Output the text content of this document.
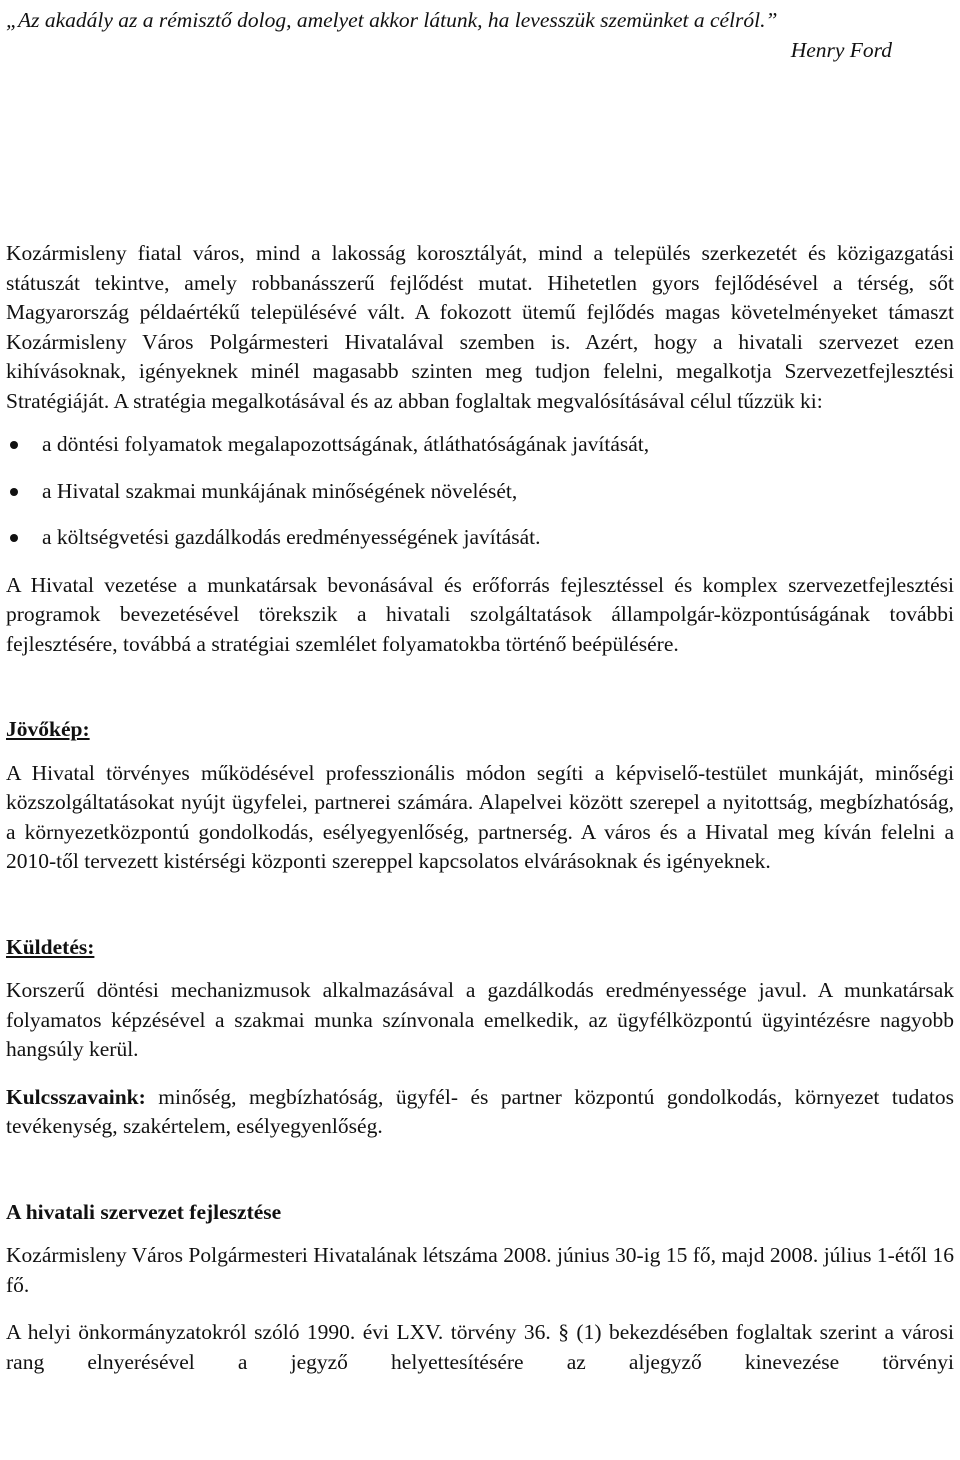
„Az akadály az a rémisztő dolog, amelyet akkor látunk, ha levesszük szemünket a célról.”

Henry Ford

Kozármisleny fiatal város, mind a lakosság korosztályát, mind a település szerkezetét és közigazgatási státuszát tekintve, amely robbanásszerű fejlődést mutat. Hihetetlen gyors fejlődésével a térség, sőt Magyarország példaértékű településévé vált. A fokozott ütemű fejlődés magas követelményeket támaszt Kozármisleny Város Polgármesteri Hivatalával szemben is. Azért, hogy a hivatali szervezet ezen kihívásoknak, igényeknek minél magasabb szinten meg tudjon felelni, megalkotja Szervezetfejlesztési Stratégiáját. A stratégia megalkotásával és az abban foglaltak megvalósításával célul tűzzük ki:

a döntési folyamatok megalapozottságának, átláthatóságának javítását,
a Hivatal szakmai munkájának minőségének növelését,
a költségvetési gazdálkodás eredményességének javítását.

A Hivatal vezetése a munkatársak bevonásával és erőforrás fejlesztéssel és komplex szervezetfejlesztési programok bevezetésével törekszik a hivatali szolgáltatások állampolgár-központúságának további fejlesztésére, továbbá a stratégiai szemlélet folyamatokba történő beépülésére.

Jövőkép:

A Hivatal törvényes működésével professzionális módon segíti a képviselő-testület munkáját, minőségi közszolgáltatásokat nyújt ügyfelei, partnerei számára. Alapelvei között szerepel a nyitottság, megbízhatóság, a környezetközpontú gondolkodás, esélyegyenlőség, partnerség. A város és a Hivatal meg kíván felelni a 2010-től tervezett kistérségi központi szereppel kapcsolatos elvárásoknak és igényeknek.

Küldetés:

Korszerű döntési mechanizmusok alkalmazásával a gazdálkodás eredményessége javul. A munkatársak folyamatos képzésével a szakmai munka színvonala emelkedik, az ügyfélközpontú ügyintézésre nagyobb hangsúly kerül.

Kulcsszavaink: minőség, megbízhatóság, ügyfél- és partner központú gondolkodás, környezet tudatos tevékenység, szakértelem, esélyegyenlőség.

A hivatali szervezet fejlesztése

Kozármisleny Város Polgármesteri Hivatalának létszáma 2008. június 30-ig 15 fő, majd 2008. július 1-étől 16 fő.

A helyi önkormányzatokról szóló 1990. évi LXV. törvény 36. § (1) bekezdésében foglaltak szerint a városi rang elnyerésével a jegyző helyettesítésére az aljegyző kinevezése törvényi
